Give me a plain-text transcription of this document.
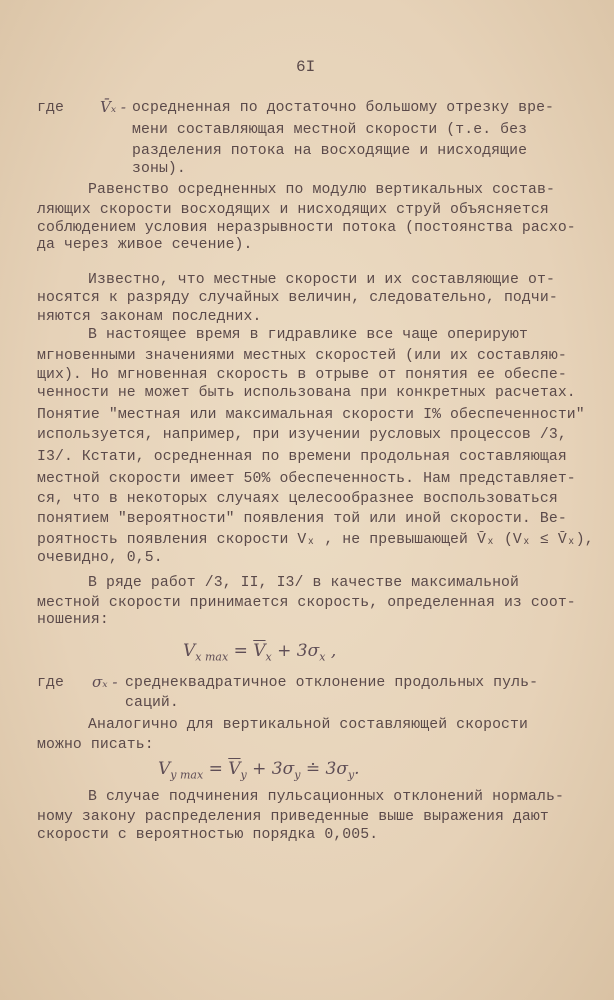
6I
где V̄ₓ -
где σₓ -
осредненная по достаточно большому отрезку вре-
мени составляющая местной скорости (т.е. без
разделения потока на восходящие и нисходящие
зоны).
Равенство осредненных по модулю вертикальных состав-
ляющих скорости восходящих и нисходящих струй объясняется
соблюдением условия неразрывности потока (постоянства расхо-
да через живое сечение).
Известно, что местные скорости и их составляющие от-
носятся к разряду случайных величин, следовательно, подчи-
няются законам последних.
В настоящее время в гидравлике все чаще оперируют
мгновенными значениями местных скоростей (или их составляю-
щих). Но мгновенная скорость в отрыве от понятия ее обеспе-
ченности не может быть использована при конкретных расчетах.
Понятие "местная или максимальная скорости I% обеспеченности"
используется, например, при изучении русловых процессов /3,
I3/. Кстати, осредненная по времени продольная составляющая
местной скорости имеет 50% обеспеченность. Нам представляет-
ся, что в некоторых случаях целесообразнее воспользоваться
понятием "вероятности" появления той или иной скорости. Ве-
роятность появления скорости Vₓ , не превышающей V̄ₓ (Vₓ ≤ V̄ₓ),
очевидно, 0,5.
В ряде работ /3, II, I3/ в качестве максимальной
местной скорости принимается скорость, определенная из соот-
ношения:
среднеквадратичное отклонение продольных пуль-
саций.
Аналогично для вертикальной составляющей скорости
можно писать:
В случае подчинения пульсационных отклонений нормаль-
ному закону распределения приведенные выше выражения дают
скорости с вероятностью порядка 0,005.
$V_{x max} = \overline{V}_x + 3\sigma_x$ ,
$V_{y max} = \overline{V}_y + 3\sigma_y$ ≐ $3\sigma_y$.
